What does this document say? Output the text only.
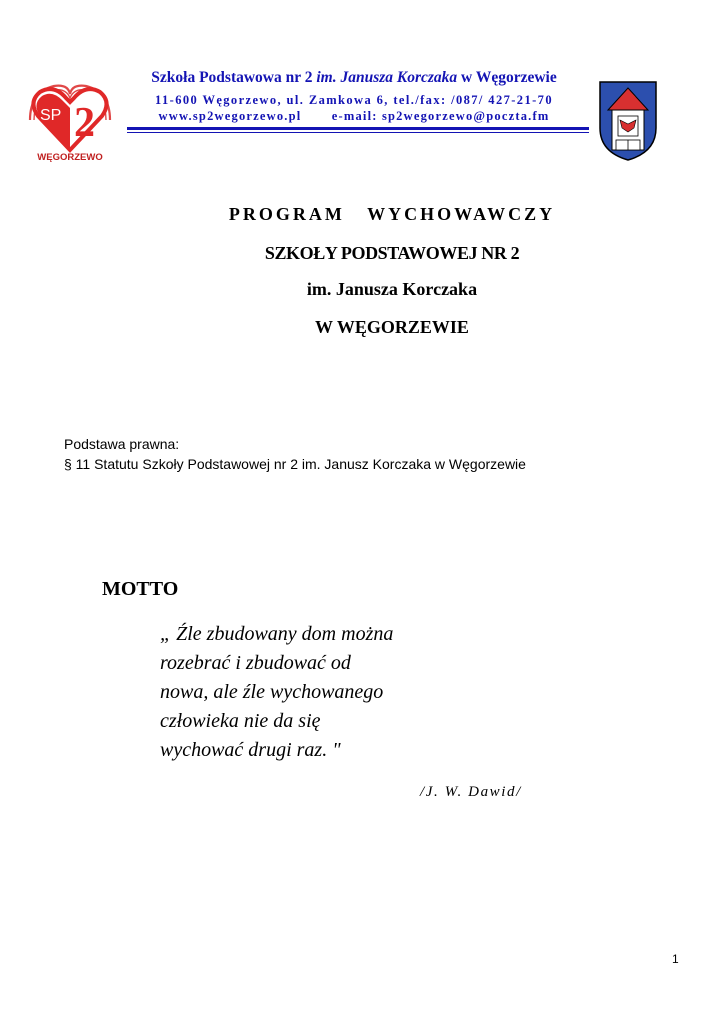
SP 2
WĘGORZEWO
Szkoła Podstawowa nr 2 im. Janusza Korczaka w Węgorzewie
11-600 Węgorzewo, ul. Zamkowa 6, tel./fax: /087/ 427-21-70
www.sp2wegorzewo.pl e-mail: sp2wegorzewo@poczta.fm
PROGRAM   WYCHOWAWCZY
SZKOŁY PODSTAWOWEJ NR 2
im. Janusza Korczaka
W WĘGORZEWIE
Podstawa prawna:
§ 11 Statutu Szkoły Podstawowej nr 2 im. Janusz Korczaka w Węgorzewie
MOTTO
„ Źle zbudowany dom można
rozebrać i zbudować od
nowa, ale źle wychowanego
człowieka nie da się
wychować drugi raz. "
/J. W. Dawid/
1
